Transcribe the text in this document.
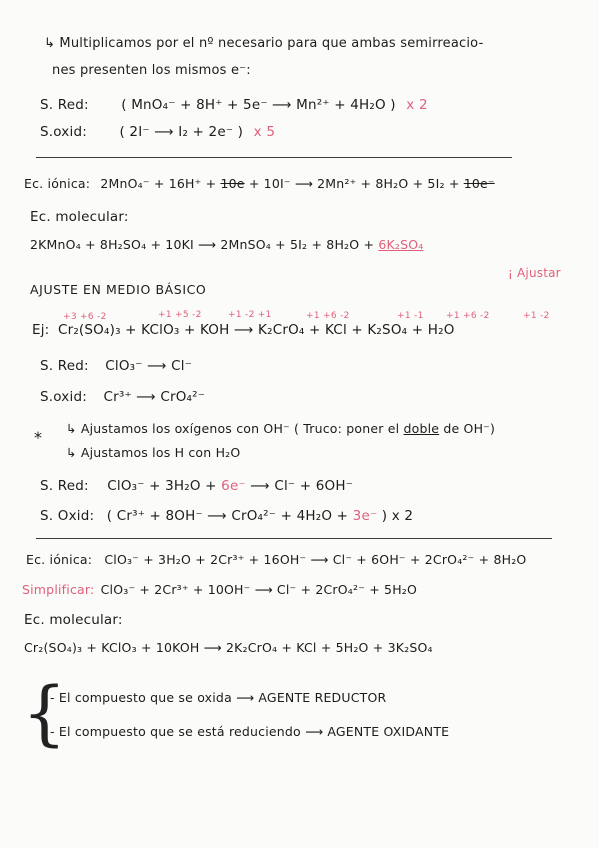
↳ Multiplicamos por el nº necesario para que ambas semirreacio-
nes presenten los mismos e⁻:
S. Red: ( MnO₄⁻ + 8H⁺ + 5e⁻ ⟶ Mn²⁺ + 4H₂O ) x 2
S.oxid: ( 2I⁻ ⟶ I₂ + 2e⁻ ) x 5
Ec. iónica: 2MnO₄⁻ + 16H⁺ + 10e + 10I⁻ ⟶ 2Mn²⁺ + 8H₂O + 5I₂ + 10e⁻
Ec. molecular:
2KMnO₄ + 8H₂SO₄ + 10KI ⟶ 2MnSO₄ + 5I₂ + 8H₂O + 6K₂SO₄
¡ Ajustar
AJUSTE EN MEDIO BÁSICO
+3 +6 -2	+1 +5 -2	+1 -2 +1	+1 +6 -2	+1 -1 +1 +6 -2	+1 -2
Ej: Cr₂(SO₄)₃ + KClO₃ + KOH ⟶ K₂CrO₄ + KCl + K₂SO₄ + H₂O
S. Red: ClO₃⁻ ⟶ Cl⁻
S.oxid: Cr³⁺ ⟶ CrO₄²⁻
* ↳ Ajustamos los oxígenos con OH⁻ ( Truco: poner el doble de OH⁻)
↳ Ajustamos los H con H₂O
S. Red: ClO₃⁻ + 3H₂O + 6e⁻ ⟶ Cl⁻ + 6OH⁻
S. Oxid: ( Cr³⁺ + 8OH⁻ ⟶ CrO₄²⁻ + 4H₂O + 3e⁻ ) x 2
Ec. iónica: ClO₃⁻ + 3H₂O + 2Cr³⁺ + 16OH⁻ ⟶ Cl⁻ + 6OH⁻ + 2CrO₄²⁻ + 8H₂O
Simplificar: ClO₃⁻ + 2Cr³⁺ + 10OH⁻ ⟶ Cl⁻ + 2CrO₄²⁻ + 5H₂O
Ec. molecular:
Cr₂(SO₄)₃ + KClO₃ + 10KOH ⟶ 2K₂CrO₄ + KCl + 5H₂O + 3K₂SO₄
{
- El compuesto que se oxida ⟶ AGENTE REDUCTOR
- El compuesto que se está reduciendo ⟶ AGENTE OXIDANTE
